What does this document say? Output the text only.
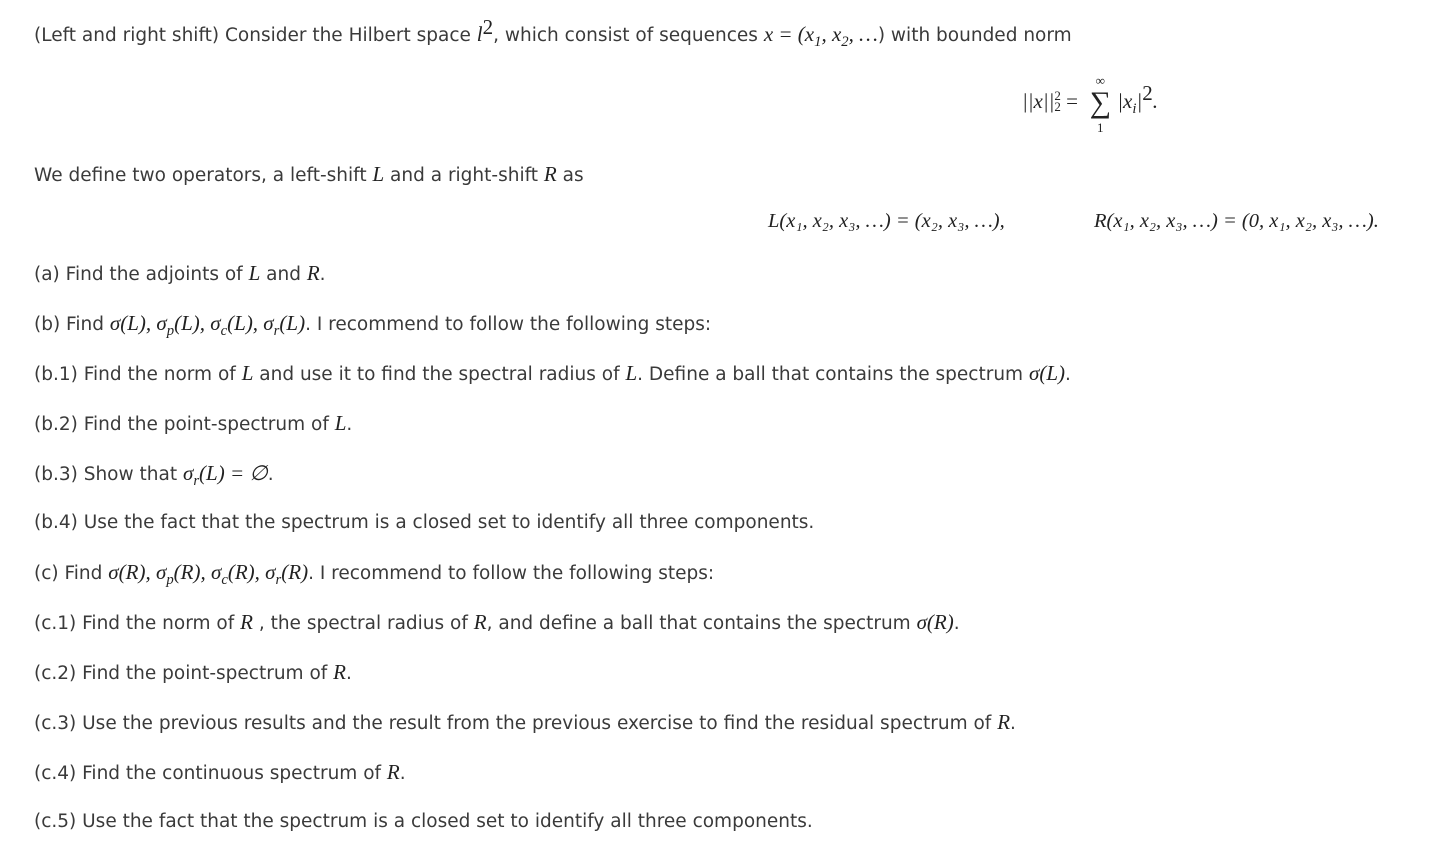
(Left and right shift) Consider the Hilbert space $l^2$, which consist of sequences $x = (x_1$, $x_2$, …) with bounded norm
||x|| 2
2 =
∞
∑
1
$|x_i|^2$.
We define two operators, a left-shift L and a right-shift R as
L(x₁, x₂, x₃, …) = (x₂, x₃, …),	R(x₁, x₂, x₃, …) = (0, x₁, x₂, x₃, …).
(a) Find the adjoints of L and R.
(b) Find σ(L), $\sigma_p(L)$, $\sigma_c(L)$, $\sigma_r(L)$. I recommend to follow the following steps:
(b.1) Find the norm of L and use it to find the spectral radius of L. Define a ball that contains the spectrum σ(L).
(b.2) Find the point-spectrum of L.
(b.3) Show that $\sigma_r(L)$ = ∅.
(b.4) Use the fact that the spectrum is a closed set to identify all three components.
(c) Find σ(R), $\sigma_p(R)$, $\sigma_c(R)$, $\sigma_r(R)$. I recommend to follow the following steps:
(c.1) Find the norm of R , the spectral radius of R, and define a ball that contains the spectrum σ(R).
(c.2) Find the point-spectrum of R.
(c.3) Use the previous results and the result from the previous exercise to find the residual spectrum of R.
(c.4) Find the continuous spectrum of R.
(c.5) Use the fact that the spectrum is a closed set to identify all three components.
